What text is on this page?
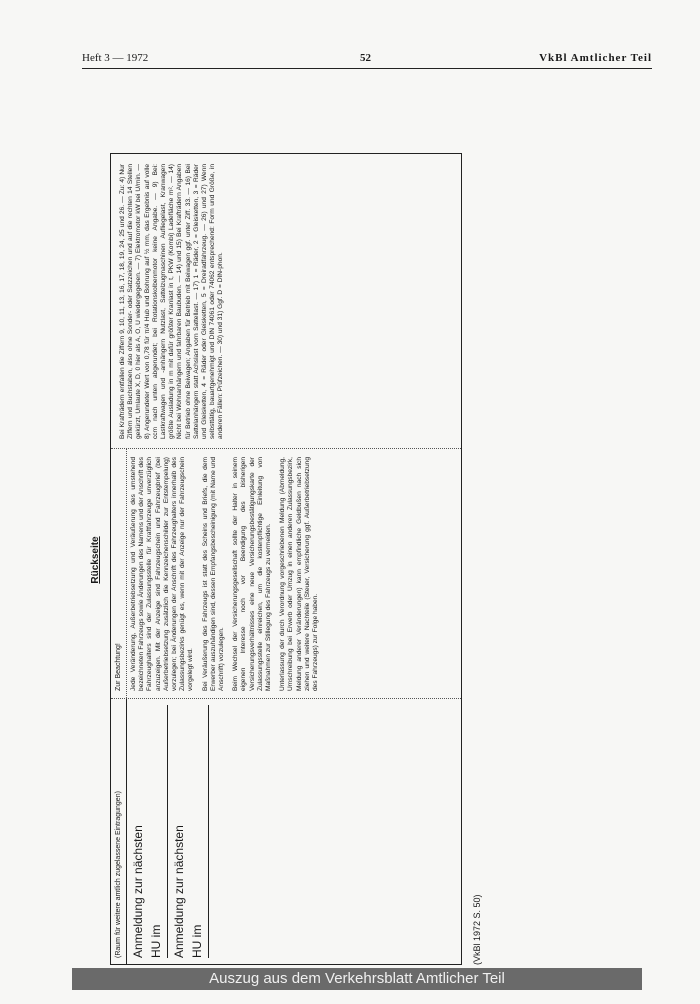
Heft 3 — 1972	52	VkBl Amtlicher Teil
Rückseite
(Raum für weitere amtlich zugelassene Eintragungen) Anmeldung zur nächsten HU im Anmeldung zur nächsten HU im
Zur Beachtung!	Jede Veränderung, Außerbetriebsetzung und Veräußerung des umstehend bezeichneten Fahrzeugs sowie Änderungen des Namens und der Anschrift des Fahrzeughalters sind der Zulassungsstelle für Kraftfahrzeuge unverzüglich anzuzeigen. Mit der Anzeige sind Fahrzeugschein und Fahrzeugbrief (bei Außerbetriebsetzung zusätzlich die Kennzeichenschilder zur Entstempelung) vorzulegen; bei Änderungen der Anschrift des Fahrzeughalters innerhalb des Zulassungsbezirks genügt es, wenn mit der Anzeige nur der Fahrzeugschein vorgelegt wird.	Bei Veräußerung des Fahrzeugs ist statt des Scheins und Briefs, die dem Erwerber auszuhändigen sind, dessen Empfangsbescheinigung (mit Name und Anschrift) vorzulegen.	Beim Wechsel der Versicherungsgesellschaft sollte der Halter in seinem eigenen Interesse noch vor Beendigung des bisherigen Versicherungsverhältnisses eine neue Versicherungsbestätigungskarte der Zulassungsstelle einreichen, um die kostenpflichtige Einleitung von Maßnahmen zur Stillegung des Fahrzeugs zu vermeiden.	Unterlassung der durch Verordnung vorgeschriebenen Meldung (Abmeldung, Umschreibung bei Erwerb oder Umzug in einen anderen Zulassungsbezirk, Meldung anderer Veränderungen) kann empfindliche Geldbußen nach sich ziehen und weitere Nachteile (Steuer, Versicherung ggf. Außerbetriebsetzung des Fahrzeugs) zur Folge haben.
Bei Krafträdern entfallen die Ziffern 9, 10, 11, 13, 16, 17, 18, 19, 24, 25 und 26. — Zu: 4) Nur Ziffern und Buchstaben, also ohne Sonder- oder Satzzeichen und auf die rechten 14 Stellen gekürzt, Umlaute X, D, 0 hier als A, O, U wiedergegeben. — 7) Elektromotor kW bei U/min. — 8) Angerundeter Wert von 0,78 für π/4 Hub und Bohrung auf ½ mm, das Ergebnis auf volle ccm nach unten abgerundet; bei Rotationskolbenmotor keine Angabe. — 9) Bei: Lastkraftwagen und -anhängern Nutzlast, Sattelzugmaschinen Aufliegelast, Kranwagen größte Ausladung in m mit dafür größter Kranlast in t, PKW (Kombi) Ladefläche m². — 14) Nicht bei Wohnanhängern und fahrbaren Baubuden. — 14) und 15) Bei Krafträdern Angaben für Betrieb ohne Beiwagen; Angaben für Betrieb mit Beiwagen ggf. unter Ziff. 33. — 16) Bei Sattelanhängern statt Achslast vorn Sattellast. — 17) 1 = Räder, 2 = Gleisketten, 3 = Räder und Gleisketten, 4 = Räder oder Gleisketten, 5 = Dreiradfahrzeug. — 26) und 27) Wenn selbsttätig, bauartgenehmigt und DIN 74061 oder 74062 entsprechend: Form und Größe, in anderen Fällen: Prüfzeichen. — 30) und 31) Ggf. D = DIN-phon.
(VkBl 1972 S. 50)
Auszug aus dem Verkehrsblatt Amtlicher Teil
